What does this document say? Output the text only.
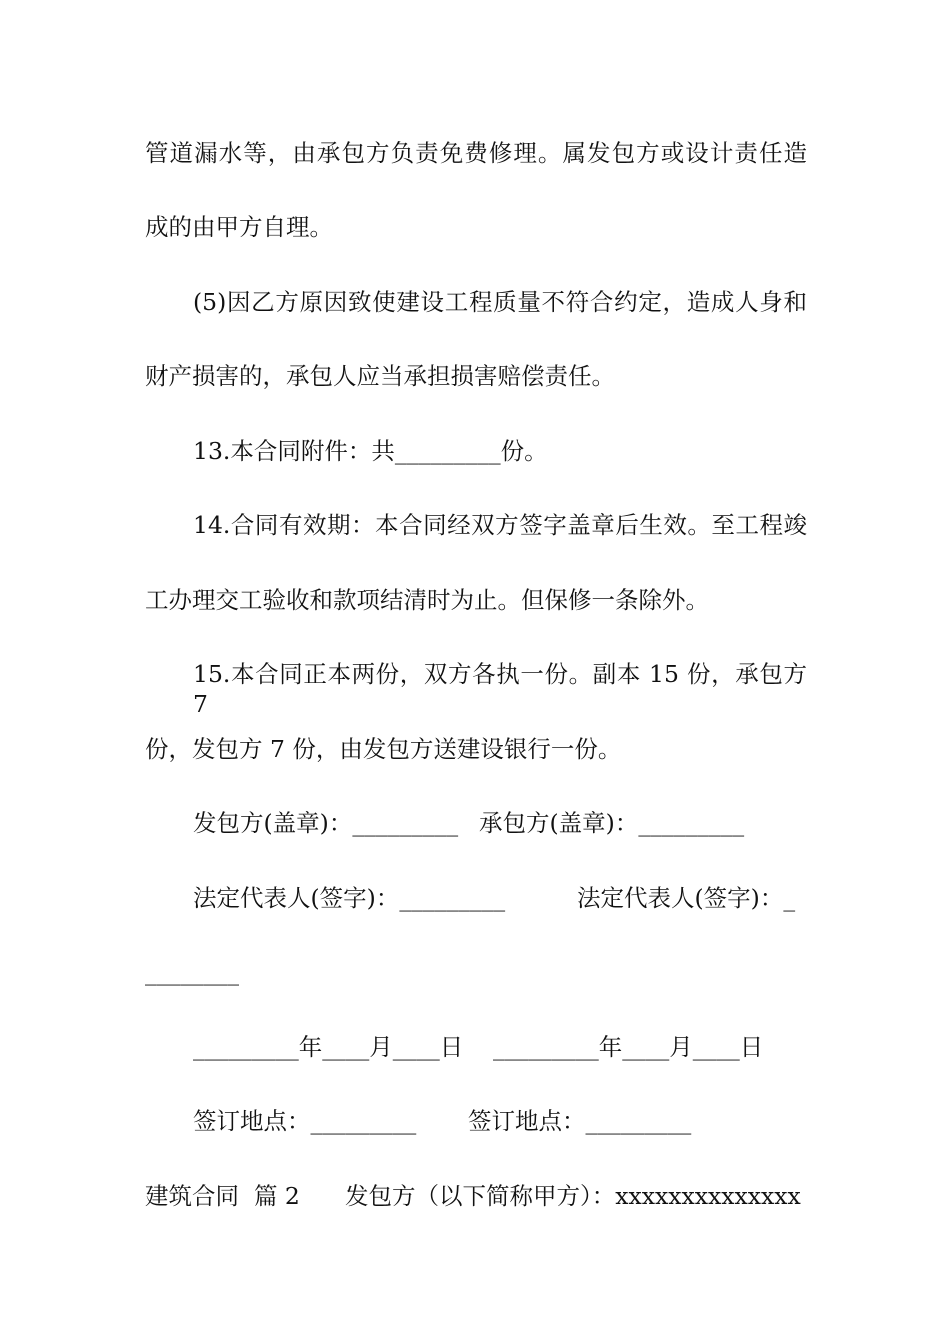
管道漏水等，由承包方负责免费修理。属发包方或设计责任造
成的由甲方自理。
(5)因乙方原因致使建设工程质量不符合约定，造成人身和
财产损害的，承包人应当承担损害赔偿责任。
13.本合同附件：共_________份。
14.合同有效期：本合同经双方签字盖章后生效。至工程竣
工办理交工验收和款项结清时为止。但保修一条除外。
15.本合同正本两份，双方各执一份。副本 15 份，承包方 7
份，发包方 7 份，由发包方送建设银行一份。

发包方(盖章)：_________

承包方(盖章)：_________

法定代表人(签字)：_________

	法定代表人(签字)：_

________

_________年____月____日

_________年____月____日

签订地点：_________

签订地点：_________

建筑合同  篇 2

发包方（以下简称甲方）：xxxxxxxxxxxxxx
